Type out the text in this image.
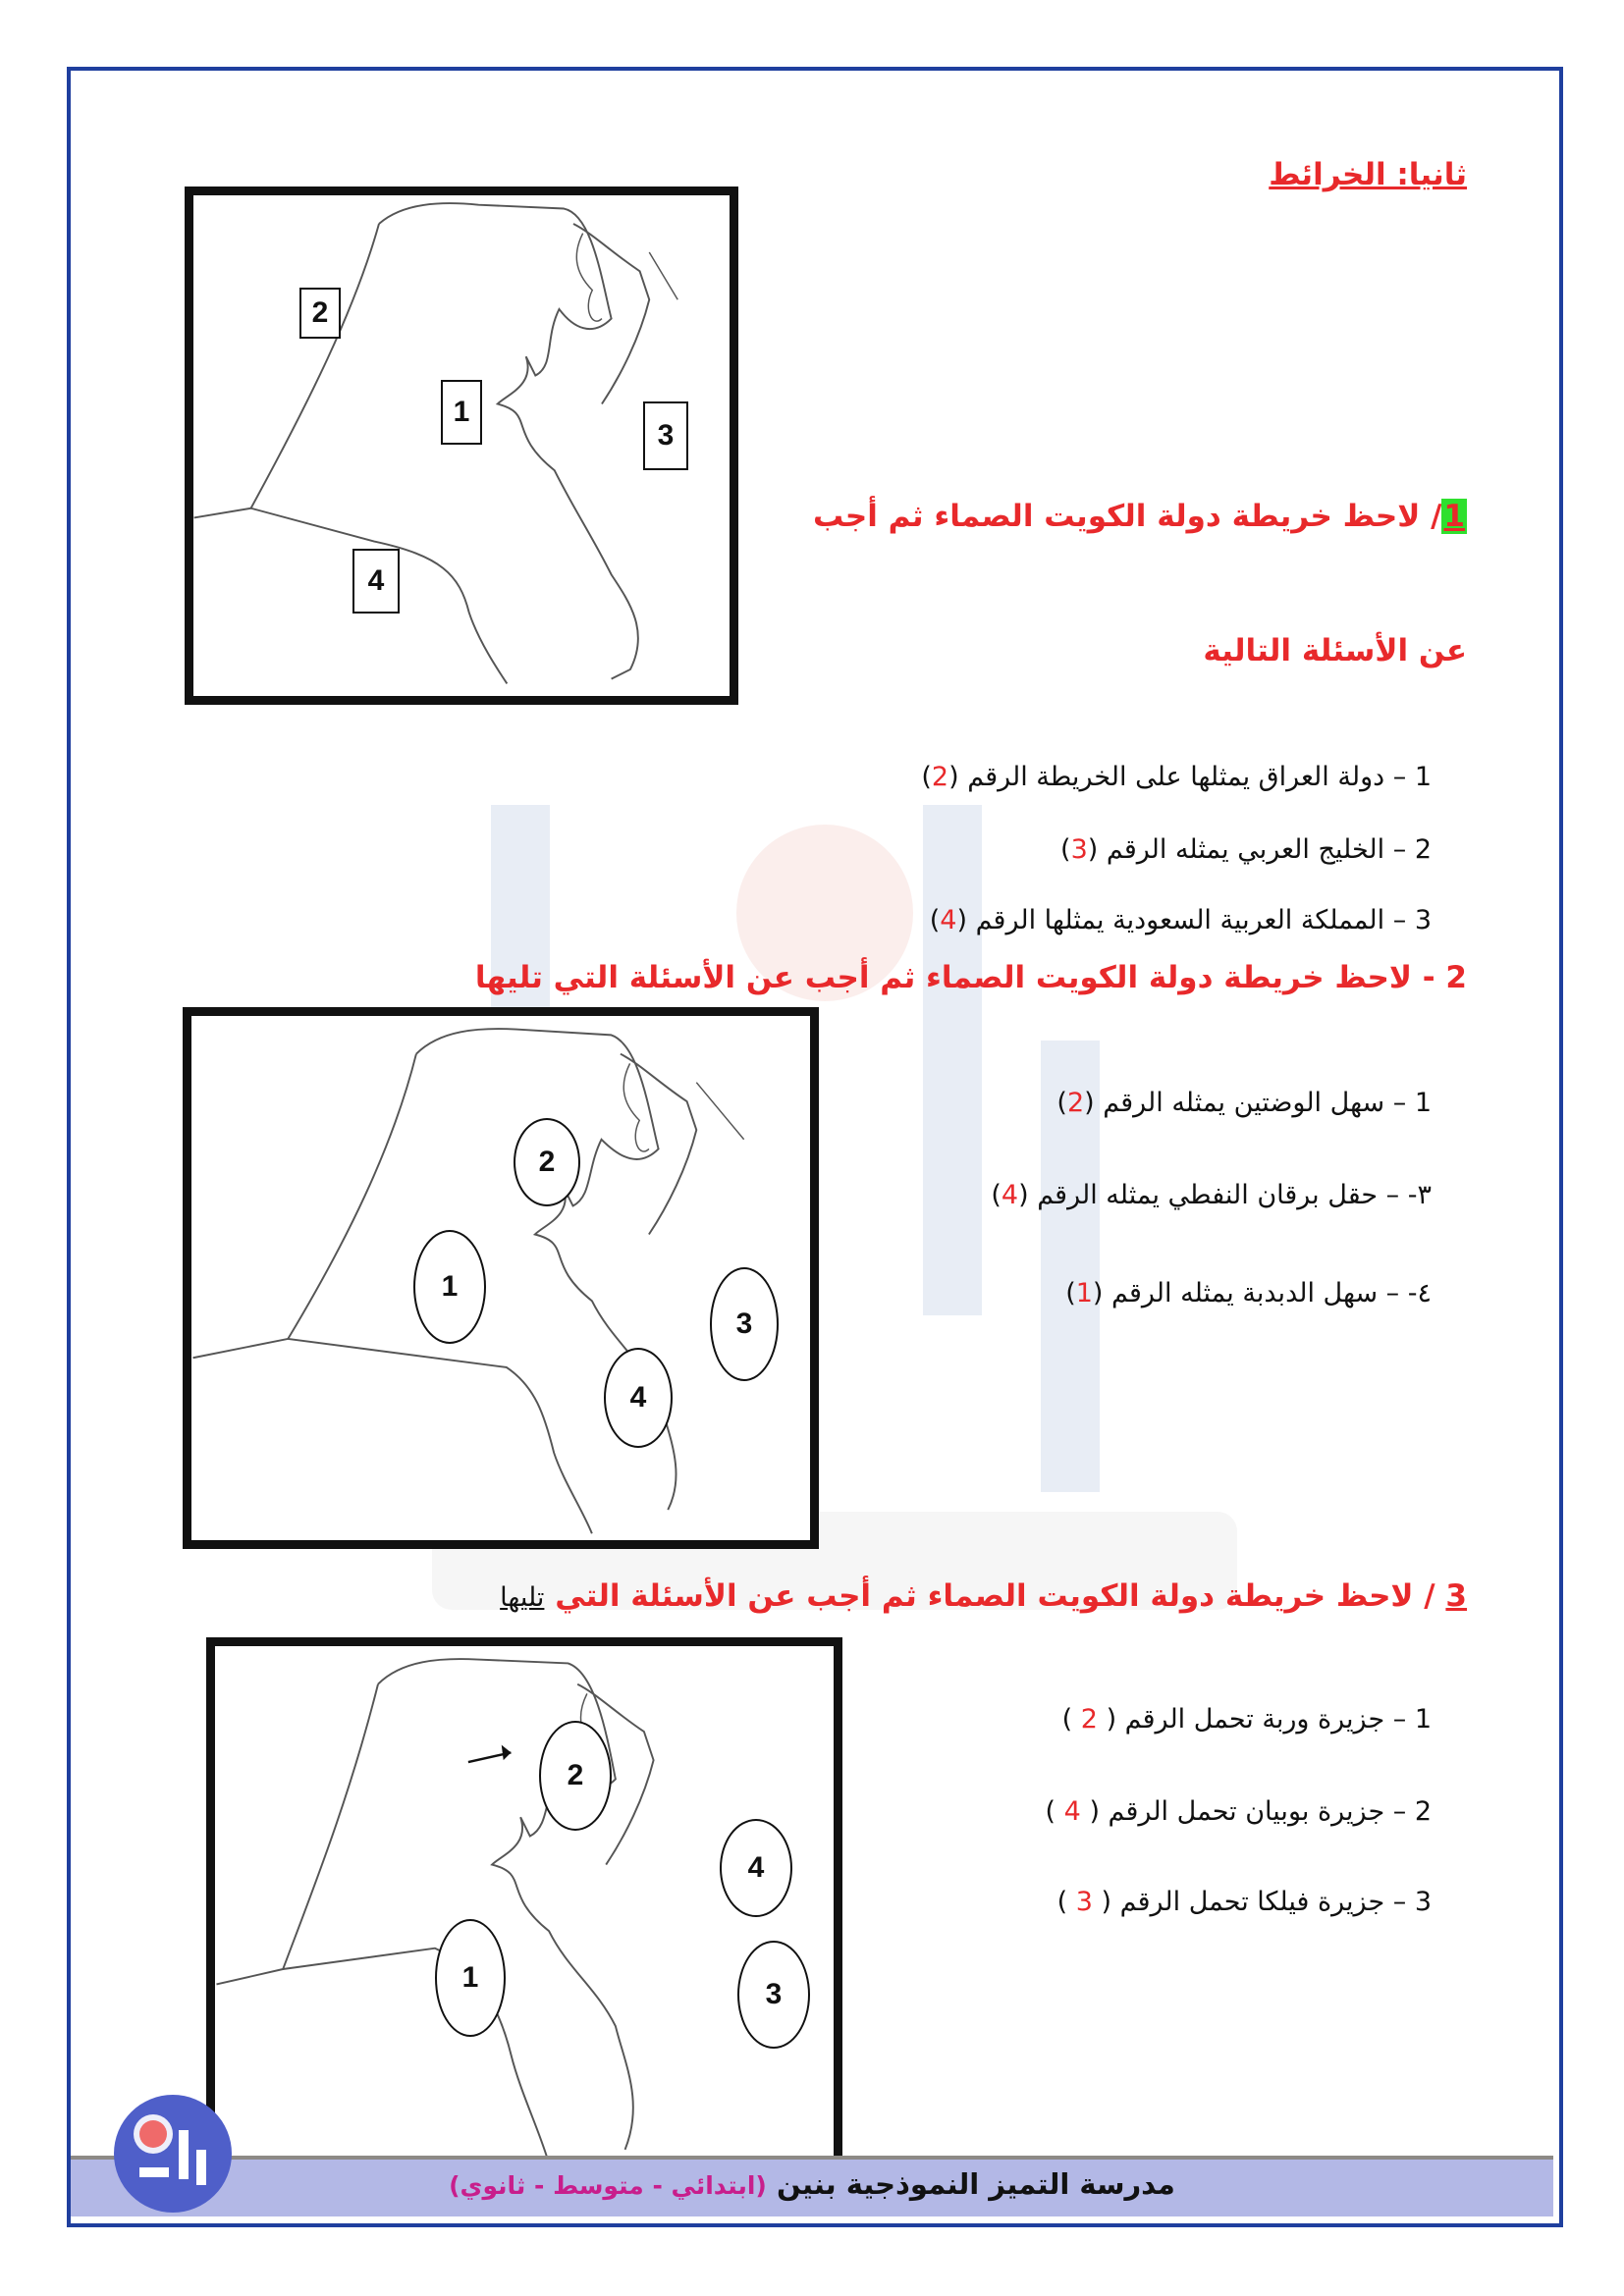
ثانيا: الخرائط
1/ لاحظ خريطة دولة الكويت الصماء ثم أجب
عن الأسئلة التالية
1 – دولة العراق يمثلها على الخريطة الرقم (2)
2 – الخليج العربي يمثله الرقم (3)
3 – المملكة العربية السعودية يمثلها الرقم (4)
2
1
3
4
2 - لاحظ خريطة دولة الكويت الصماء ثم أجب عن الأسئلة التي تليها
1 – سهل الوضتين يمثله الرقم (2)
٣- – حقل برقان النفطي يمثله الرقم (4)
٤- – سهل الدبدبة يمثله الرقم (1)
2
1
3
4
3 / لاحظ خريطة دولة الكويت الصماء ثم أجب عن الأسئلة التي تليها
1 – جزيرة وربة تحمل الرقم ( 2 )
2 – جزيرة بوبيان تحمل الرقم ( 4 )
3 – جزيرة فيلكا تحمل الرقم ( 3 )
2
4
1
3
مدرسة التميز النموذجية بنين (ابتدائي - متوسط - ثانوي)
